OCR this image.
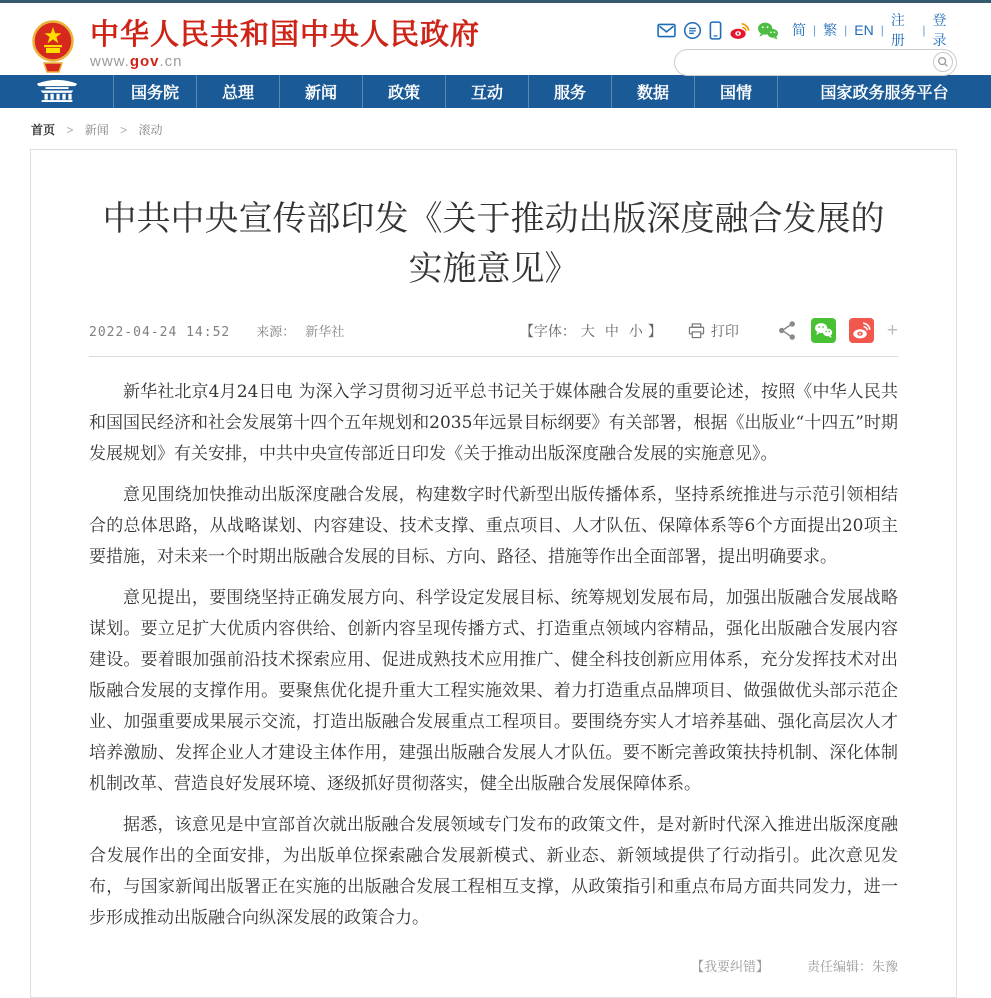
中华人民共和国中央人民政府
www.gov.cn
简 | 繁 | EN |
注册
|
登录
国务院	总理	新闻	政策	互动	服务	数据	国情	国家政务服务平台
首页 > 新闻 > 滚动
中共中央宣传部印发《关于推动出版深度融合发展的实施意见》
2022-04-24 14:52 来源： 新华社	【字体： 大 中 小 】	打印	+

新华社北京4月24日电 为深入学习贯彻习近平总书记关于媒体融合发展的重要论述，按照《中华人民共和国国民经济和社会发展第十四个五年规划和2035年远景目标纲要》有关部署，根据《出版业“十四五”时期发展规划》有关安排，中共中央宣传部近日印发《关于推动出版深度融合发展的实施意见》。

意见围绕加快推动出版深度融合发展，构建数字时代新型出版传播体系，坚持系统推进与示范引领相结合的总体思路，从战略谋划、内容建设、技术支撑、重点项目、人才队伍、保障体系等6个方面提出20项主要措施，对未来一个时期出版融合发展的目标、方向、路径、措施等作出全面部署，提出明确要求。

意见提出，要围绕坚持正确发展方向、科学设定发展目标、统筹规划发展布局，加强出版融合发展战略谋划。要立足扩大优质内容供给、创新内容呈现传播方式、打造重点领域内容精品，强化出版融合发展内容建设。要着眼加强前沿技术探索应用、促进成熟技术应用推广、健全科技创新应用体系，充分发挥技术对出版融合发展的支撑作用。要聚焦优化提升重大工程实施效果、着力打造重点品牌项目、做强做优头部示范企业、加强重要成果展示交流，打造出版融合发展重点工程项目。要围绕夯实人才培养基础、强化高层次人才培养激励、发挥企业人才建设主体作用，建强出版融合发展人才队伍。要不断完善政策扶持机制、深化体制机制改革、营造良好发展环境、逐级抓好贯彻落实，健全出版融合发展保障体系。

据悉，该意见是中宣部首次就出版融合发展领域专门发布的政策文件，是对新时代深入推进出版深度融合发展作出的全面安排，为出版单位探索融合发展新模式、新业态、新领域提供了行动指引。此次意见发布，与国家新闻出版署正在实施的出版融合发展工程相互支撑，从政策指引和重点布局方面共同发力，进一步形成推动出版融合向纵深发展的政策合力。

【我要纠错】	责任编辑：朱豫
